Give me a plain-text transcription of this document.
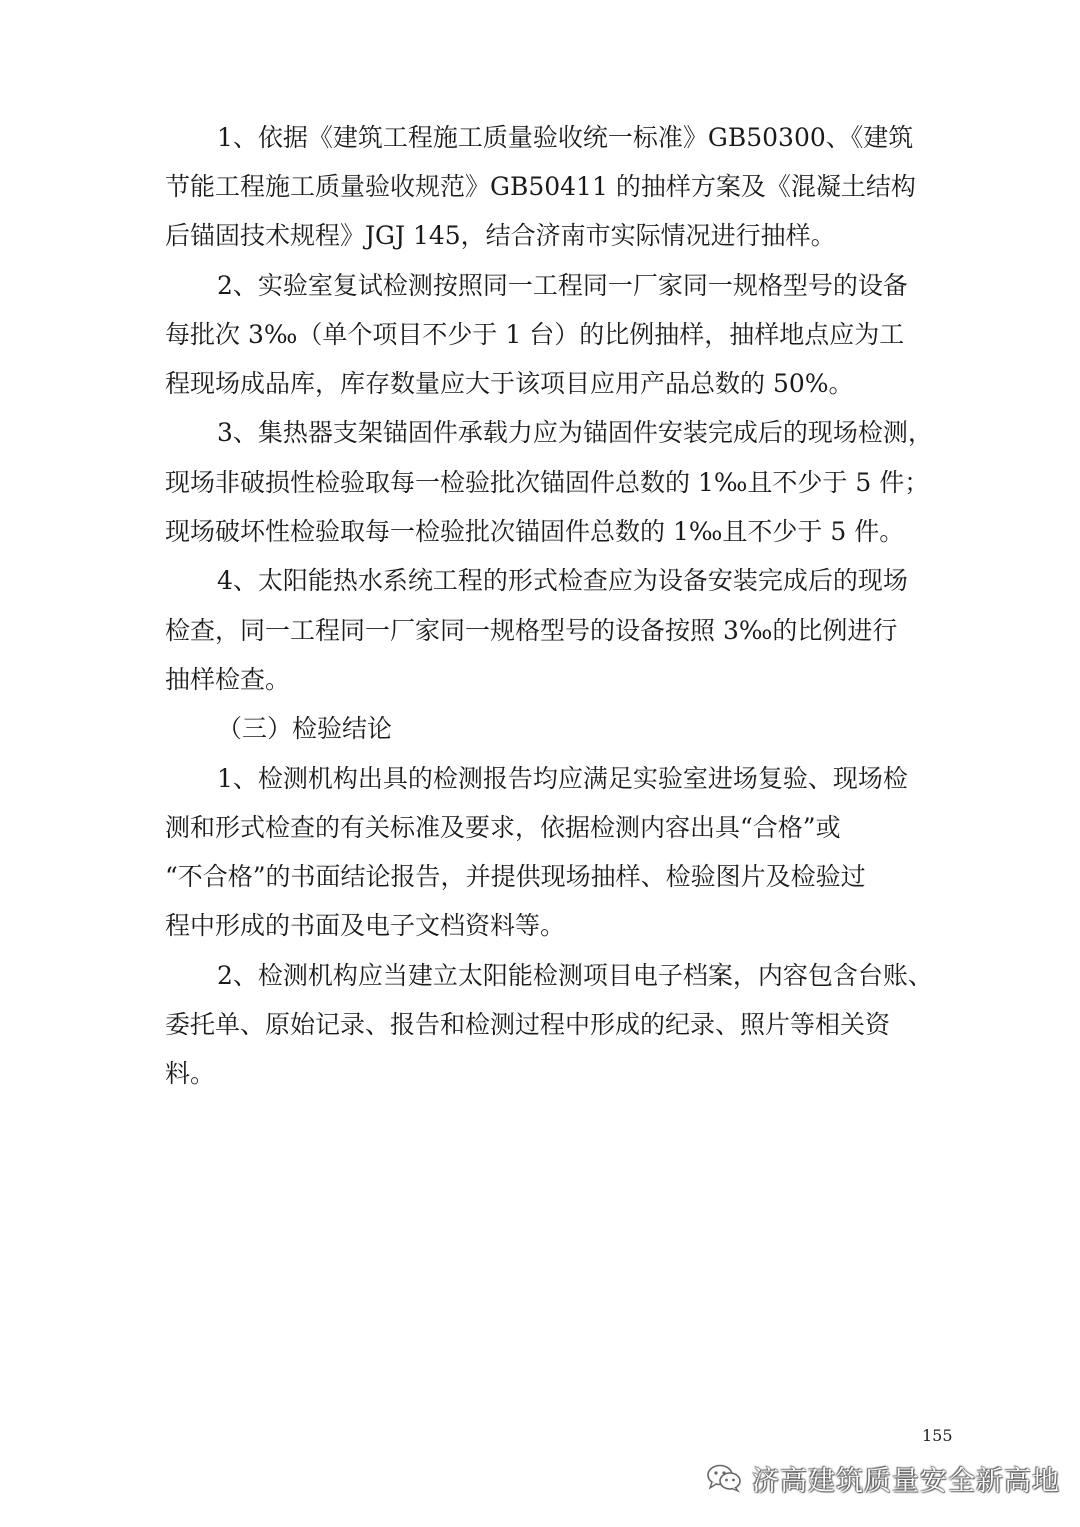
1、依据《建筑工程施工质量验收统一标准》GB50300、《建筑
节能工程施工质量验收规范》GB50411 的抽样方案及《混凝土结构
后锚固技术规程》JGJ 145，结合济南市实际情况进行抽样。
2、实验室复试检测按照同一工程同一厂家同一规格型号的设备
每批次 3‰（单个项目不少于 1 台）的比例抽样，抽样地点应为工
程现场成品库，库存数量应大于该项目应用产品总数的 50%。
3、集热器支架锚固件承载力应为锚固件安装完成后的现场检测，
现场非破损性检验取每一检验批次锚固件总数的 1‰且不少于 5 件；
现场破坏性检验取每一检验批次锚固件总数的 1‰且不少于 5 件。
4、太阳能热水系统工程的形式检查应为设备安装完成后的现场
检查，同一工程同一厂家同一规格型号的设备按照 3‰的比例进行
抽样检查。
（三）检验结论
1、检测机构出具的检测报告均应满足实验室进场复验、现场检
测和形式检查的有关标准及要求，依据检测内容出具“合格”或
“不合格”的书面结论报告，并提供现场抽样、检验图片及检验过
程中形成的书面及电子文档资料等。
2、检测机构应当建立太阳能检测项目电子档案，内容包含台账、
委托单、原始记录、报告和检测过程中形成的纪录、照片等相关资
料。
155
济高建筑质量安全新高地
